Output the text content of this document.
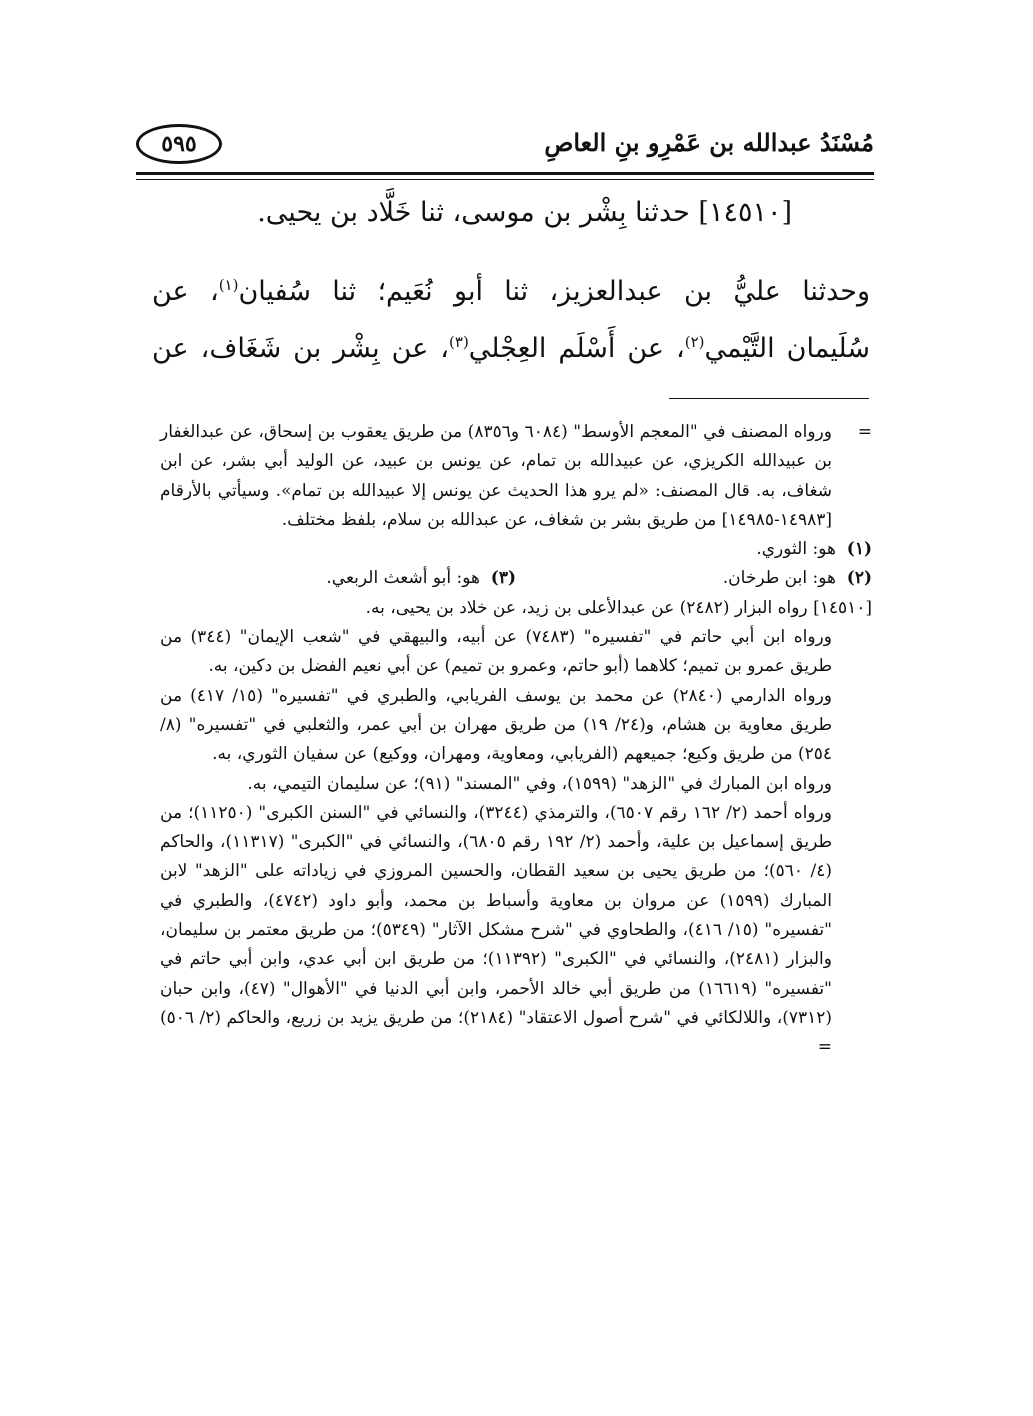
مُسْنَدُ عبدالله بن عَمْرِو بنِ العاصِ
٥٩٥

[١٤٥١٠] حدثنا بِشْر بن موسى، ثنا خَلَّاد بن يحيى.

وحدثنا عليُّ بن عبدالعزيز، ثنا أبو نُعَيم؛ ثنا سُفيان$^{(١)}$، عن

سُلَيمان التَّيْمي$^{(٢)}$، عن أَسْلَم العِجْلي$^{(٣)}$، عن بِشْر بن شَغَاف، عن

=
ورواه المصنف في "المعجم الأوسط" (٦٠٨٤ و٨٣٥٦) من طريق يعقوب بن إسحاق، عن عبدالغفار بن عبيدالله الكريزي، عن عبيدالله بن تمام، عن يونس بن عبيد، عن الوليد أبي بشر، عن ابن شغاف، به. قال المصنف: «لم يرو هذا الحديث عن يونس إلا عبيدالله بن تمام». وسيأتي بالأرقام [١٤٩٨٣-١٤٩٨٥] من طريق بشر بن شغاف، عن عبدالله بن سلام، بلفظ مختلف.

(١)  هو: الثوري.

(٢)  هو: ابن طرخان.
(٣)  هو: أبو أشعث الربعي.

[١٤٥١٠] رواه البزار (٢٤٨٢) عن عبدالأعلى بن زيد، عن خلاد بن يحيى، به.

ورواه ابن أبي حاتم في "تفسيره" (٧٤٨٣) عن أبيه، والبيهقي في "شعب الإيمان" (٣٤٤) من طريق عمرو بن تميم؛ كلاهما (أبو حاتم، وعمرو بن تميم) عن أبي نعيم الفضل بن دكين، به.

ورواه الدارمي (٢٨٤٠) عن محمد بن يوسف الفريابي، والطبري في "تفسيره" (١٥/ ٤١٧) من طريق معاوية بن هشام، و(٢٤/ ١٩) من طريق مهران بن أبي عمر، والثعلبي في "تفسيره" (٨/ ٢٥٤) من طريق وكيع؛ جميعهم (الفريابي، ومعاوية، ومهران، ووكيع) عن سفيان الثوري، به.

ورواه ابن المبارك في "الزهد" (١٥٩٩)، وفي "المسند" (٩١)؛ عن سليمان التيمي، به.

ورواه أحمد (٢/ ١٦٢ رقم ٦٥٠٧)، والترمذي (٣٢٤٤)، والنسائي في "السنن الكبرى" (١١٢٥٠)؛ من طريق إسماعيل بن علية، وأحمد (٢/ ١٩٢ رقم ٦٨٠٥)، والنسائي في "الكبرى" (١١٣١٧)، والحاكم (٤/ ٥٦٠)؛ من طريق يحيى بن سعيد القطان، والحسين المروزي في زياداته على "الزهد" لابن المبارك (١٥٩٩) عن مروان بن معاوية وأسباط بن محمد، وأبو داود (٤٧٤٢)، والطبري في "تفسيره" (١٥/ ٤١٦)، والطحاوي في "شرح مشكل الآثار" (٥٣٤٩)؛ من طريق معتمر بن سليمان، والبزار (٢٤٨١)، والنسائي في "الكبرى" (١١٣٩٢)؛ من طريق ابن أبي عدي، وابن أبي حاتم في "تفسيره" (١٦٦١٩) من طريق أبي خالد الأحمر، وابن أبي الدنيا في "الأهوال" (٤٧)، وابن حبان (٧٣١٢)، واللالكائي في "شرح أصول الاعتقاد" (٢١٨٤)؛ من طريق يزيد بن زريع، والحاكم (٢/ ٥٠٦) =
